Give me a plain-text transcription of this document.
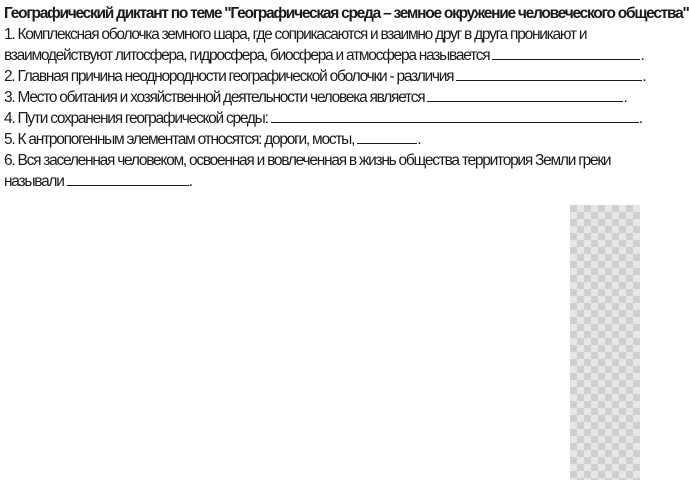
Географический диктант по теме "Географическая среда – земное окружение человеческого общества"

1. Комплексная оболочка земного шара, где соприкасаются и взаимно друг в друга проникают и
взаимодействуют литосфера, гидросфера, биосфера и атмосфера называется	.

2. Главная причина неоднородности географической оболочки - различия	.

3. Место обитания и хозяйственной деятельности человека является	.

4. Пути сохранения географической среды:	.

5. К антропогенным элементам относятся: дороги, мосты,	.

6. Вся заселенная человеком, освоенная и вовлеченная в жизнь общества территория Земли греки
называли	.
